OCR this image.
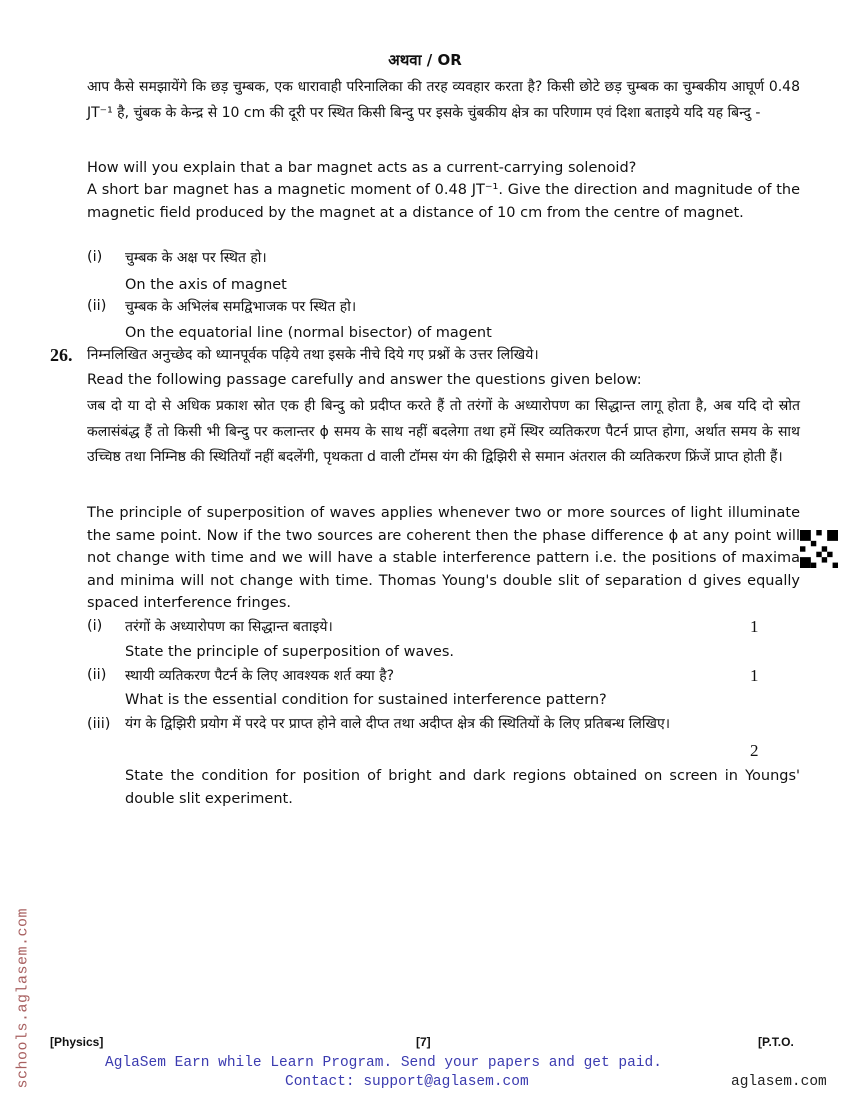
अथवा / OR
आप कैसे समझायेंगे कि छड़ चुम्बक, एक धारावाही परिनालिका की तरह व्यवहार करता है? किसी छोटे छड़ चुम्बक का चुम्बकीय आघूर्ण 0.48 JT⁻¹ है, चुंबक के केन्द्र से 10 cm की दूरी पर स्थित किसी बिन्दु पर इसके चुंबकीय क्षेत्र का परिणाम एवं दिशा बताइये यदि यह बिन्दु -
How will you explain that a bar magnet acts as a current-carrying solenoid?
A short bar magnet has a magnetic moment of 0.48 JT⁻¹. Give the direction and magnitude of the magnetic field produced by the magnet at a distance of 10 cm from the centre of magnet.
(i) चुम्बक के अक्ष पर स्थित हो।
On the axis of magnet
(ii) चुम्बक के अभिलंब समद्विभाजक पर स्थित हो।
On the equatorial line (normal bisector) of magent
26. निम्नलिखित अनुच्छेद को ध्यानपूर्वक पढ़िये तथा इसके नीचे दिये गए प्रश्नों के उत्तर लिखिये।
Read the following passage carefully and answer the questions given below:
जब दो या दो से अधिक प्रकाश स्रोत एक ही बिन्दु को प्रदीप्त करते हैं तो तरंगों के अध्यारोपण का सिद्धान्त लागू होता है, अब यदि दो स्रोत कलासंबंद्ध हैं तो किसी भी बिन्दु पर कलान्तर ϕ समय के साथ नहीं बदलेगा तथा हमें स्थिर व्यतिकरण पैटर्न प्राप्त होगा, अर्थात समय के साथ उच्चिष्ठ तथा निम्निष्ठ की स्थितियाँ नहीं बदलेंगी, पृथकता d वाली टॉमस यंग की द्विझिरी से समान अंतराल की व्यतिकरण फ्रिंजें प्राप्त होती हैं।
The principle of superposition of waves applies whenever two or more sources of light illuminate the same point. Now if the two sources are coherent then the phase difference ϕ at any point will not change with time and we will have a stable interference pattern i.e. the positions of maxima and minima will not change with time. Thomas Young's double slit of separation d gives equally spaced interference fringes.
(i) तरंगों के अध्यारोपण का सिद्धान्त बताइये।	1
State the principle of superposition of waves.
(ii) स्थायी व्यतिकरण पैटर्न के लिए आवश्यक शर्त क्या है?	1
What is the essential condition for sustained interference pattern?
(iii) यंग के द्विझिरी प्रयोग में परदे पर प्राप्त होने वाले दीप्त तथा अदीप्त क्षेत्र की स्थितियों के लिए प्रतिबन्ध लिखिए।
2
State the condition for position of bright and dark regions obtained on screen in Youngs' double slit experiment.
[Physics]	[7]	[P.T.O.
AglaSem Earn while Learn Program. Send your papers and get paid.
Contact: support@aglasem.com	aglasem.com
schools.aglasem.com
